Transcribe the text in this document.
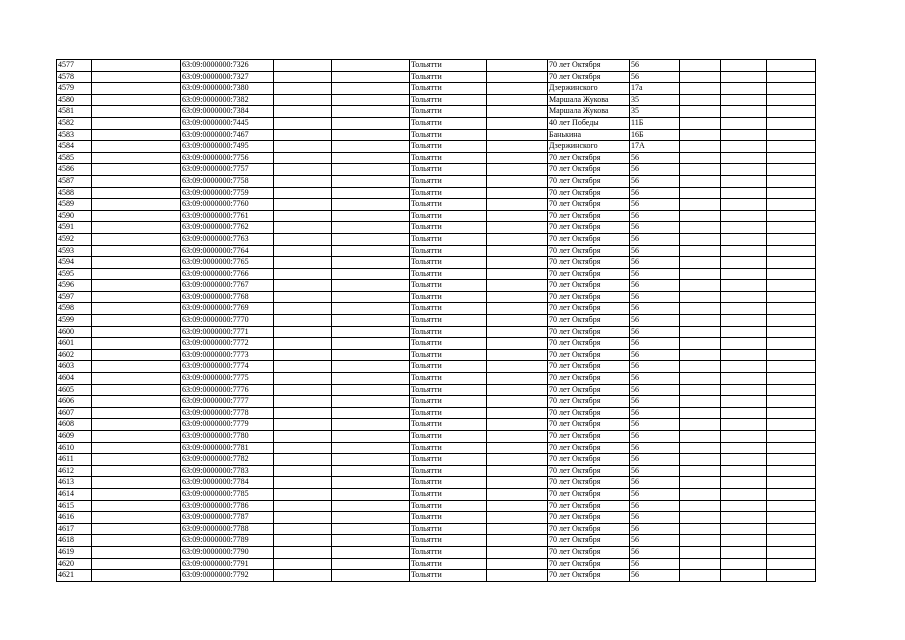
4577		63:09:0000000:7326			Тольятти		70 лет Октября	56			
4578		63:09:0000000:7327			Тольятти		70 лет Октября	56			
4579		63:09:0000000:7380			Тольятти		Дзержинского	17а			
4580		63:09:0000000:7382			Тольятти		Маршала Жукова	35			
4581		63:09:0000000:7384			Тольятти		Маршала Жукова	35			
4582		63:09:0000000:7445			Тольятти		40 лет Победы	11Б			
4583		63:09:0000000:7467			Тольятти		Банькина	16Б			
4584		63:09:0000000:7495			Тольятти		Дзержинского	17А			
4585		63:09:0000000:7756			Тольятти		70 лет Октября	56			
4586		63:09:0000000:7757			Тольятти		70 лет Октября	56			
4587		63:09:0000000:7758			Тольятти		70 лет Октября	56			
4588		63:09:0000000:7759			Тольятти		70 лет Октября	56			
4589		63:09:0000000:7760			Тольятти		70 лет Октября	56			
4590		63:09:0000000:7761			Тольятти		70 лет Октября	56			
4591		63:09:0000000:7762			Тольятти		70 лет Октября	56			
4592		63:09:0000000:7763			Тольятти		70 лет Октября	56			
4593		63:09:0000000:7764			Тольятти		70 лет Октября	56			
4594		63:09:0000000:7765			Тольятти		70 лет Октября	56			
4595		63:09:0000000:7766			Тольятти		70 лет Октября	56			
4596		63:09:0000000:7767			Тольятти		70 лет Октября	56			
4597		63:09:0000000:7768			Тольятти		70 лет Октября	56			
4598		63:09:0000000:7769			Тольятти		70 лет Октября	56			
4599		63:09:0000000:7770			Тольятти		70 лет Октября	56			
4600		63:09:0000000:7771			Тольятти		70 лет Октября	56			
4601		63:09:0000000:7772			Тольятти		70 лет Октября	56			
4602		63:09:0000000:7773			Тольятти		70 лет Октября	56			
4603		63:09:0000000:7774			Тольятти		70 лет Октября	56			
4604		63:09:0000000:7775			Тольятти		70 лет Октября	56			
4605		63:09:0000000:7776			Тольятти		70 лет Октября	56			
4606		63:09:0000000:7777			Тольятти		70 лет Октября	56			
4607		63:09:0000000:7778			Тольятти		70 лет Октября	56			
4608		63:09:0000000:7779			Тольятти		70 лет Октября	56			
4609		63:09:0000000:7780			Тольятти		70 лет Октября	56			
4610		63:09:0000000:7781			Тольятти		70 лет Октября	56			
4611		63:09:0000000:7782			Тольятти		70 лет Октября	56			
4612		63:09:0000000:7783			Тольятти		70 лет Октября	56			
4613		63:09:0000000:7784			Тольятти		70 лет Октября	56			
4614		63:09:0000000:7785			Тольятти		70 лет Октября	56			
4615		63:09:0000000:7786			Тольятти		70 лет Октября	56			
4616		63:09:0000000:7787			Тольятти		70 лет Октября	56			
4617		63:09:0000000:7788			Тольятти		70 лет Октября	56			
4618		63:09:0000000:7789			Тольятти		70 лет Октября	56			
4619		63:09:0000000:7790			Тольятти		70 лет Октября	56			
4620		63:09:0000000:7791			Тольятти		70 лет Октября	56			
4621		63:09:0000000:7792			Тольятти		70 лет Октября	56			
